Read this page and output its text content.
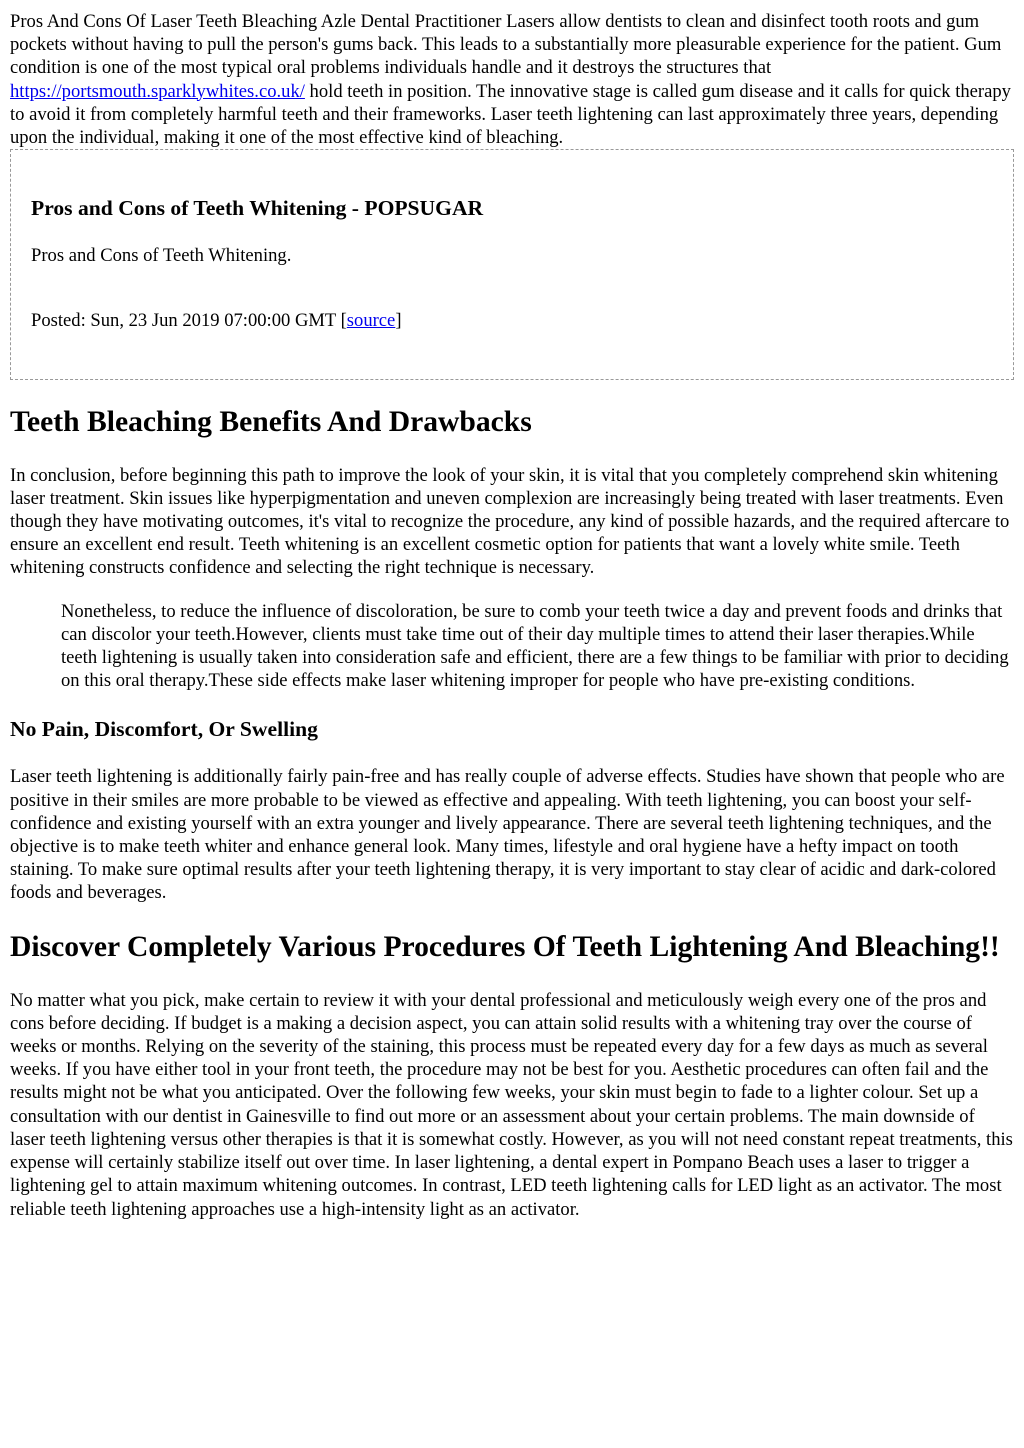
Pros And Cons Of Laser Teeth Bleaching Azle Dental Practitioner Lasers allow dentists to clean and disinfect tooth roots and gum pockets without having to pull the person's gums back. This leads to a substantially more pleasurable experience for the patient. Gum condition is one of the most typical oral problems individuals handle and it destroys the structures that https://portsmouth.sparklywhites.co.uk/ hold teeth in position. The innovative stage is called gum disease and it calls for quick therapy to avoid it from completely harmful teeth and their frameworks. Laser teeth lightening can last approximately three years, depending upon the individual, making it one of the most effective kind of bleaching.

Pros and Cons of Teeth Whitening - POPSUGAR

Pros and Cons of Teeth Whitening.

Posted: Sun, 23 Jun 2019 07:00:00 GMT [source]

Teeth Bleaching Benefits And Drawbacks

In conclusion, before beginning this path to improve the look of your skin, it is vital that you completely comprehend skin whitening laser treatment. Skin issues like hyperpigmentation and uneven complexion are increasingly being treated with laser treatments. Even though they have motivating outcomes, it's vital to recognize the procedure, any kind of possible hazards, and the required aftercare to ensure an excellent end result. Teeth whitening is an excellent cosmetic option for patients that want a lovely white smile. Teeth whitening constructs confidence and selecting the right technique is necessary.

Nonetheless, to reduce the influence of discoloration, be sure to comb your teeth twice a day and prevent foods and drinks that can discolor your teeth.However, clients must take time out of their day multiple times to attend their laser therapies.While teeth lightening is usually taken into consideration safe and efficient, there are a few things to be familiar with prior to deciding on this oral therapy.These side effects make laser whitening improper for people who have pre-existing conditions.
No Pain, Discomfort, Or Swelling

Laser teeth lightening is additionally fairly pain-free and has really couple of adverse effects. Studies have shown that people who are positive in their smiles are more probable to be viewed as effective and appealing. With teeth lightening, you can boost your self-confidence and existing yourself with an extra younger and lively appearance. There are several teeth lightening techniques, and the objective is to make teeth whiter and enhance general look. Many times, lifestyle and oral hygiene have a hefty impact on tooth staining. To make sure optimal results after your teeth lightening therapy, it is very important to stay clear of acidic and dark-colored foods and beverages.

Discover Completely Various Procedures Of Teeth Lightening And Bleaching!!

No matter what you pick, make certain to review it with your dental professional and meticulously weigh every one of the pros and cons before deciding. If budget is a making a decision aspect, you can attain solid results with a whitening tray over the course of weeks or months. Relying on the severity of the staining, this process must be repeated every day for a few days as much as several weeks. If you have either tool in your front teeth, the procedure may not be best for you. Aesthetic procedures can often fail and the results might not be what you anticipated. Over the following few weeks, your skin must begin to fade to a lighter colour. Set up a consultation with our dentist in Gainesville to find out more or an assessment about your certain problems. The main downside of laser teeth lightening versus other therapies is that it is somewhat costly. However, as you will not need constant repeat treatments, this expense will certainly stabilize itself out over time. In laser lightening, a dental expert in Pompano Beach uses a laser to trigger a lightening gel to attain maximum whitening outcomes. In contrast, LED teeth lightening calls for LED light as an activator. The most reliable teeth lightening approaches use a high-intensity light as an activator.
